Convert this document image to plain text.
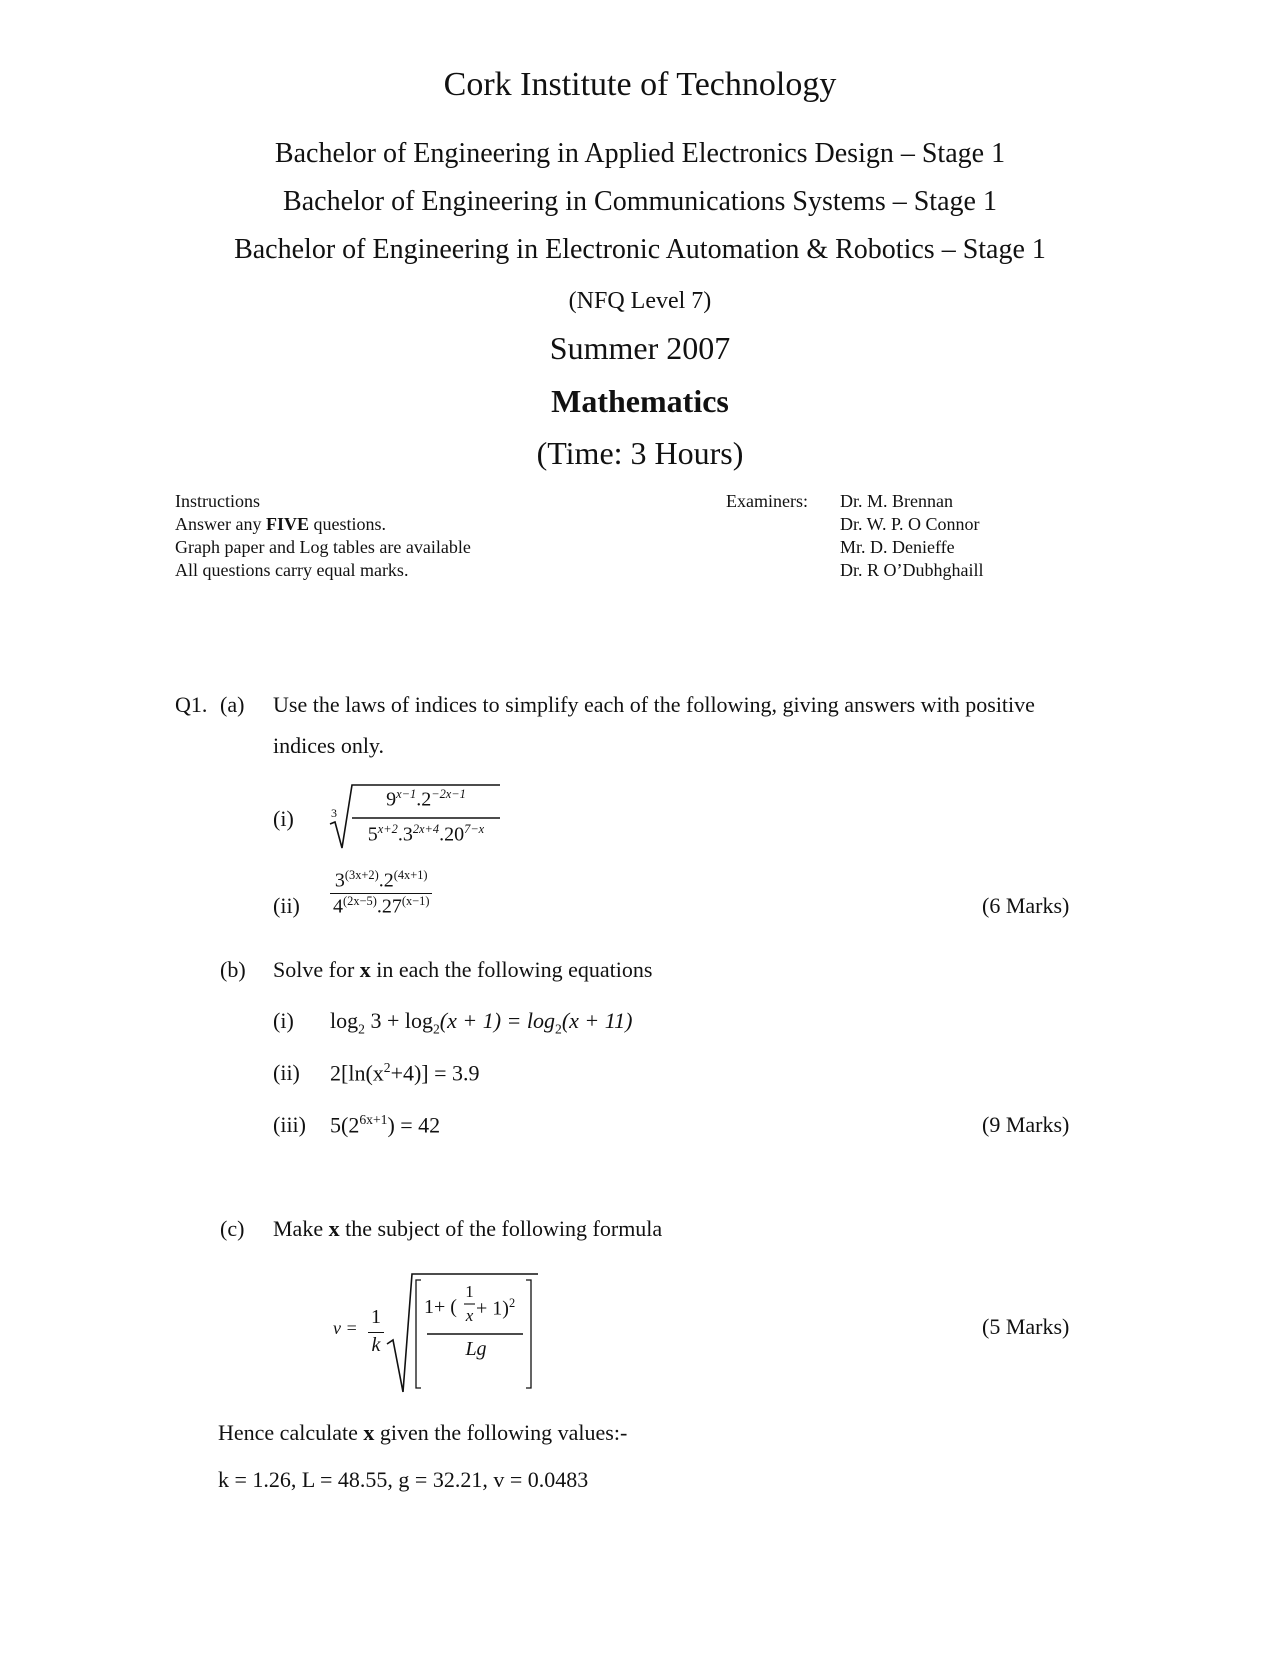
Cork Institute of Technology
Bachelor of Engineering in Applied Electronics Design – Stage 1
Bachelor of Engineering in Communications Systems – Stage 1
Bachelor of Engineering in Electronic Automation & Robotics – Stage 1
(NFQ Level 7)
Summer 2007
Mathematics
(Time: 3 Hours)
Instructions
Answer any FIVE questions.
Graph paper and Log tables are available
All questions carry equal marks.
Examiners: Dr. M. Brennan
Dr. W. P. O Connor
Mr. D. Denieffe
Dr. R O’Dubhghaill
Q1. (a) Use the laws of indices to simplify each of the following, giving answers with positive
indices only.
(i)	3
$9^{x-1}.2^{-2x-1}$
$5^{x+2}.3^{2x+4}.20^{7-x}$
$(ii) \frac{3^{(3x+2)}.2^{(4x+1)}}{4^{(2x-5)}.27^{(x-1)}}$	(6 Marks)
(b) Solve for x in each the following equations
(i) $\log_2 3 + \log_2(x + 1) = \log_2(x + 11)$
(ii) $2[\ln(x^2+4)] = 3.9$
(iii) $5(2^{6x+1}) = 42$	(9 Marks)
(c) Make x the subject of the following formula
v = 1
k
1+ (
1
x + 1)$^2$
Lg
(5 Marks)
Hence calculate x given the following values:-
k = 1.26, L = 48.55, g = 32.21, v = 0.0483
